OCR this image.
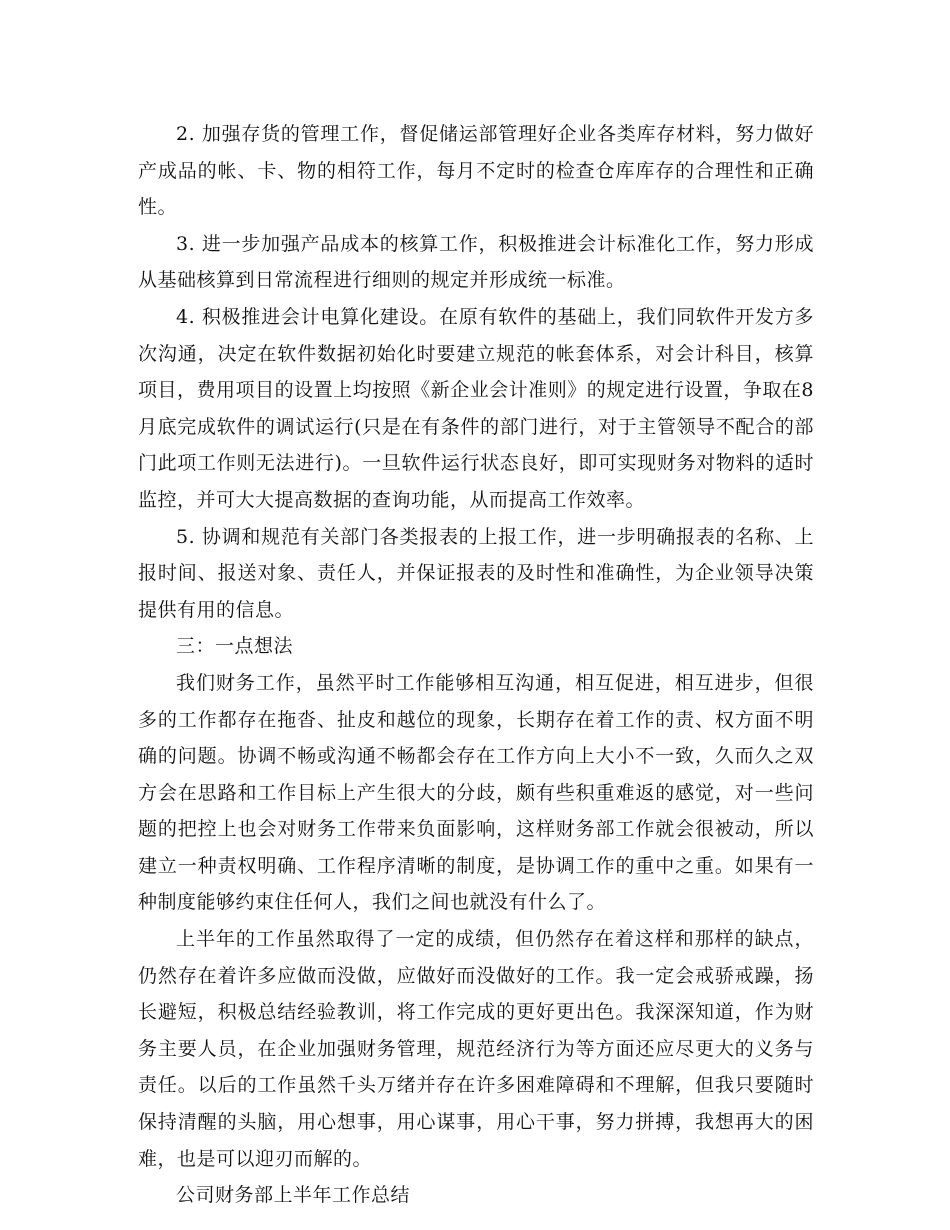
2. 加强存货的管理工作，督促储运部管理好企业各类库存材料，努力做好产成品的帐、卡、物的相符工作，每月不定时的检查仓库库存的合理性和正确性。

3. 进一步加强产品成本的核算工作，积极推进会计标准化工作，努力形成从基础核算到日常流程进行细则的规定并形成统一标准。

4. 积极推进会计电算化建设。在原有软件的基础上，我们同软件开发方多次沟通，决定在软件数据初始化时要建立规范的帐套体系，对会计科目，核算项目，费用项目的设置上均按照《新企业会计准则》的规定进行设置，争取在8月底完成软件的调试运行(只是在有条件的部门进行，对于主管领导不配合的部门此项工作则无法进行)。一旦软件运行状态良好，即可实现财务对物料的适时监控，并可大大提高数据的查询功能，从而提高工作效率。

5. 协调和规范有关部门各类报表的上报工作，进一步明确报表的名称、上报时间、报送对象、责任人，并保证报表的及时性和准确性，为企业领导决策提供有用的信息。

三：一点想法

我们财务工作，虽然平时工作能够相互沟通，相互促进，相互进步，但很多的工作都存在拖沓、扯皮和越位的现象，长期存在着工作的责、权方面不明确的问题。协调不畅或沟通不畅都会存在工作方向上大小不一致，久而久之双方会在思路和工作目标上产生很大的分歧，颇有些积重难返的感觉，对一些问题的把控上也会对财务工作带来负面影响，这样财务部工作就会很被动，所以建立一种责权明确、工作程序清晰的制度，是协调工作的重中之重。如果有一种制度能够约束住任何人，我们之间也就没有什么了。

上半年的工作虽然取得了一定的成绩，但仍然存在着这样和那样的缺点，仍然存在着许多应做而没做，应做好而没做好的工作。我一定会戒骄戒躁，扬长避短，积极总结经验教训，将工作完成的更好更出色。我深深知道，作为财务主要人员，在企业加强财务管理，规范经济行为等方面还应尽更大的义务与责任。以后的工作虽然千头万绪并存在许多困难障碍和不理解，但我只要随时保持清醒的头脑，用心想事，用心谋事，用心干事，努力拼搏，我想再大的困难，也是可以迎刃而解的。

公司财务部上半年工作总结
